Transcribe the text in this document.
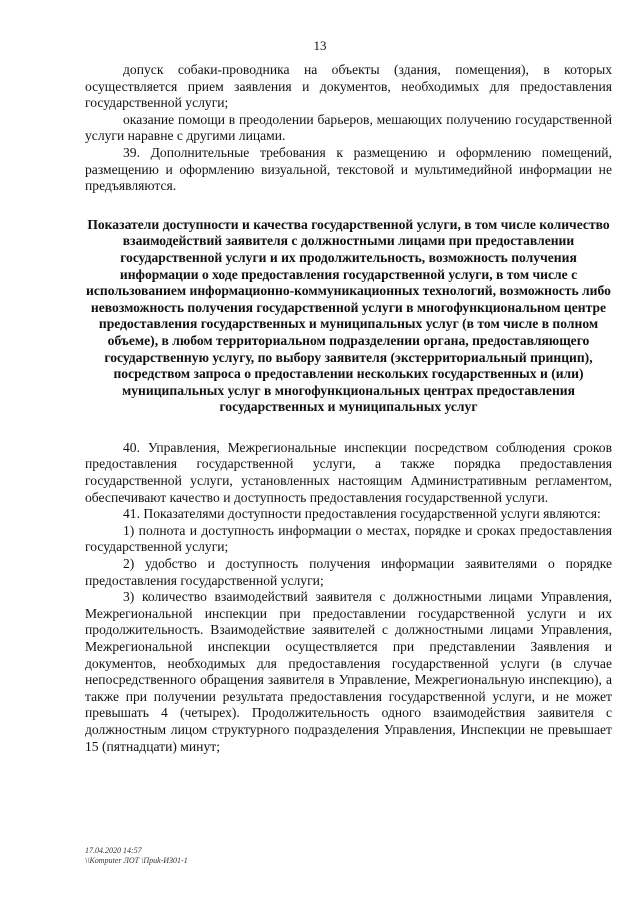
13

допуск собаки-проводника на объекты (здания, помещения), в которых осуществляется прием заявления и документов, необходимых для предоставления государственной услуги;

оказание помощи в преодолении барьеров, мешающих получению государственной услуги наравне с другими лицами.

39. Дополнительные требования к размещению и оформлению помещений, размещению и оформлению визуальной, текстовой и мультимедийной информации не предъявляются.

Показатели доступности и качества государственной услуги, в том числе количество взаимодействий заявителя с должностными лицами при предоставлении государственной услуги и их продолжительность, возможность получения информации о ходе предоставления государственной услуги, в том числе с использованием информационно-коммуникационных технологий, возможность либо невозможность получения государственной услуги в многофункциональном центре предоставления государственных и муниципальных услуг (в том числе в полном объеме), в любом территориальном подразделении органа, предоставляющего государственную услугу, по выбору заявителя (экстерриториальный принцип), посредством запроса о предоставлении нескольких государственных и (или) муниципальных услуг в многофункциональных центрах предоставления государственных и муниципальных услуг

40. Управления, Межрегиональные инспекции посредством соблюдения сроков предоставления государственной услуги, а также порядка предоставления государственной услуги, установленных настоящим Административным регламентом, обеспечивают качество и доступность предоставления государственной услуги.

41. Показателями доступности предоставления государственной услуги являются:

1) полнота и доступность информации о местах, порядке и сроках предоставления государственной услуги;

2) удобство и доступность получения информации заявителями о порядке предоставления государственной услуги;

3) количество взаимодействий заявителя с должностными лицами Управления, Межрегиональной инспекции при предоставлении государственной услуги и их продолжительность. Взаимодействие заявителей с должностными лицами Управления, Межрегиональной инспекции осуществляется при представлении Заявления и документов, необходимых для предоставления государственной услуги (в случае непосредственного обращения заявителя в Управление, Межрегиональную инспекцию), а также при получении результата предоставления государственной услуги, и не может превышать 4 (четырех). Продолжительность одного взаимодействия заявителя с должностным лицом структурного подразделения Управления, Инспекции не превышает 15 (пятнадцати) минут;

17.04.2020 14:57
\\Komputer ЛОТ \Приk-ИЗ01-1
